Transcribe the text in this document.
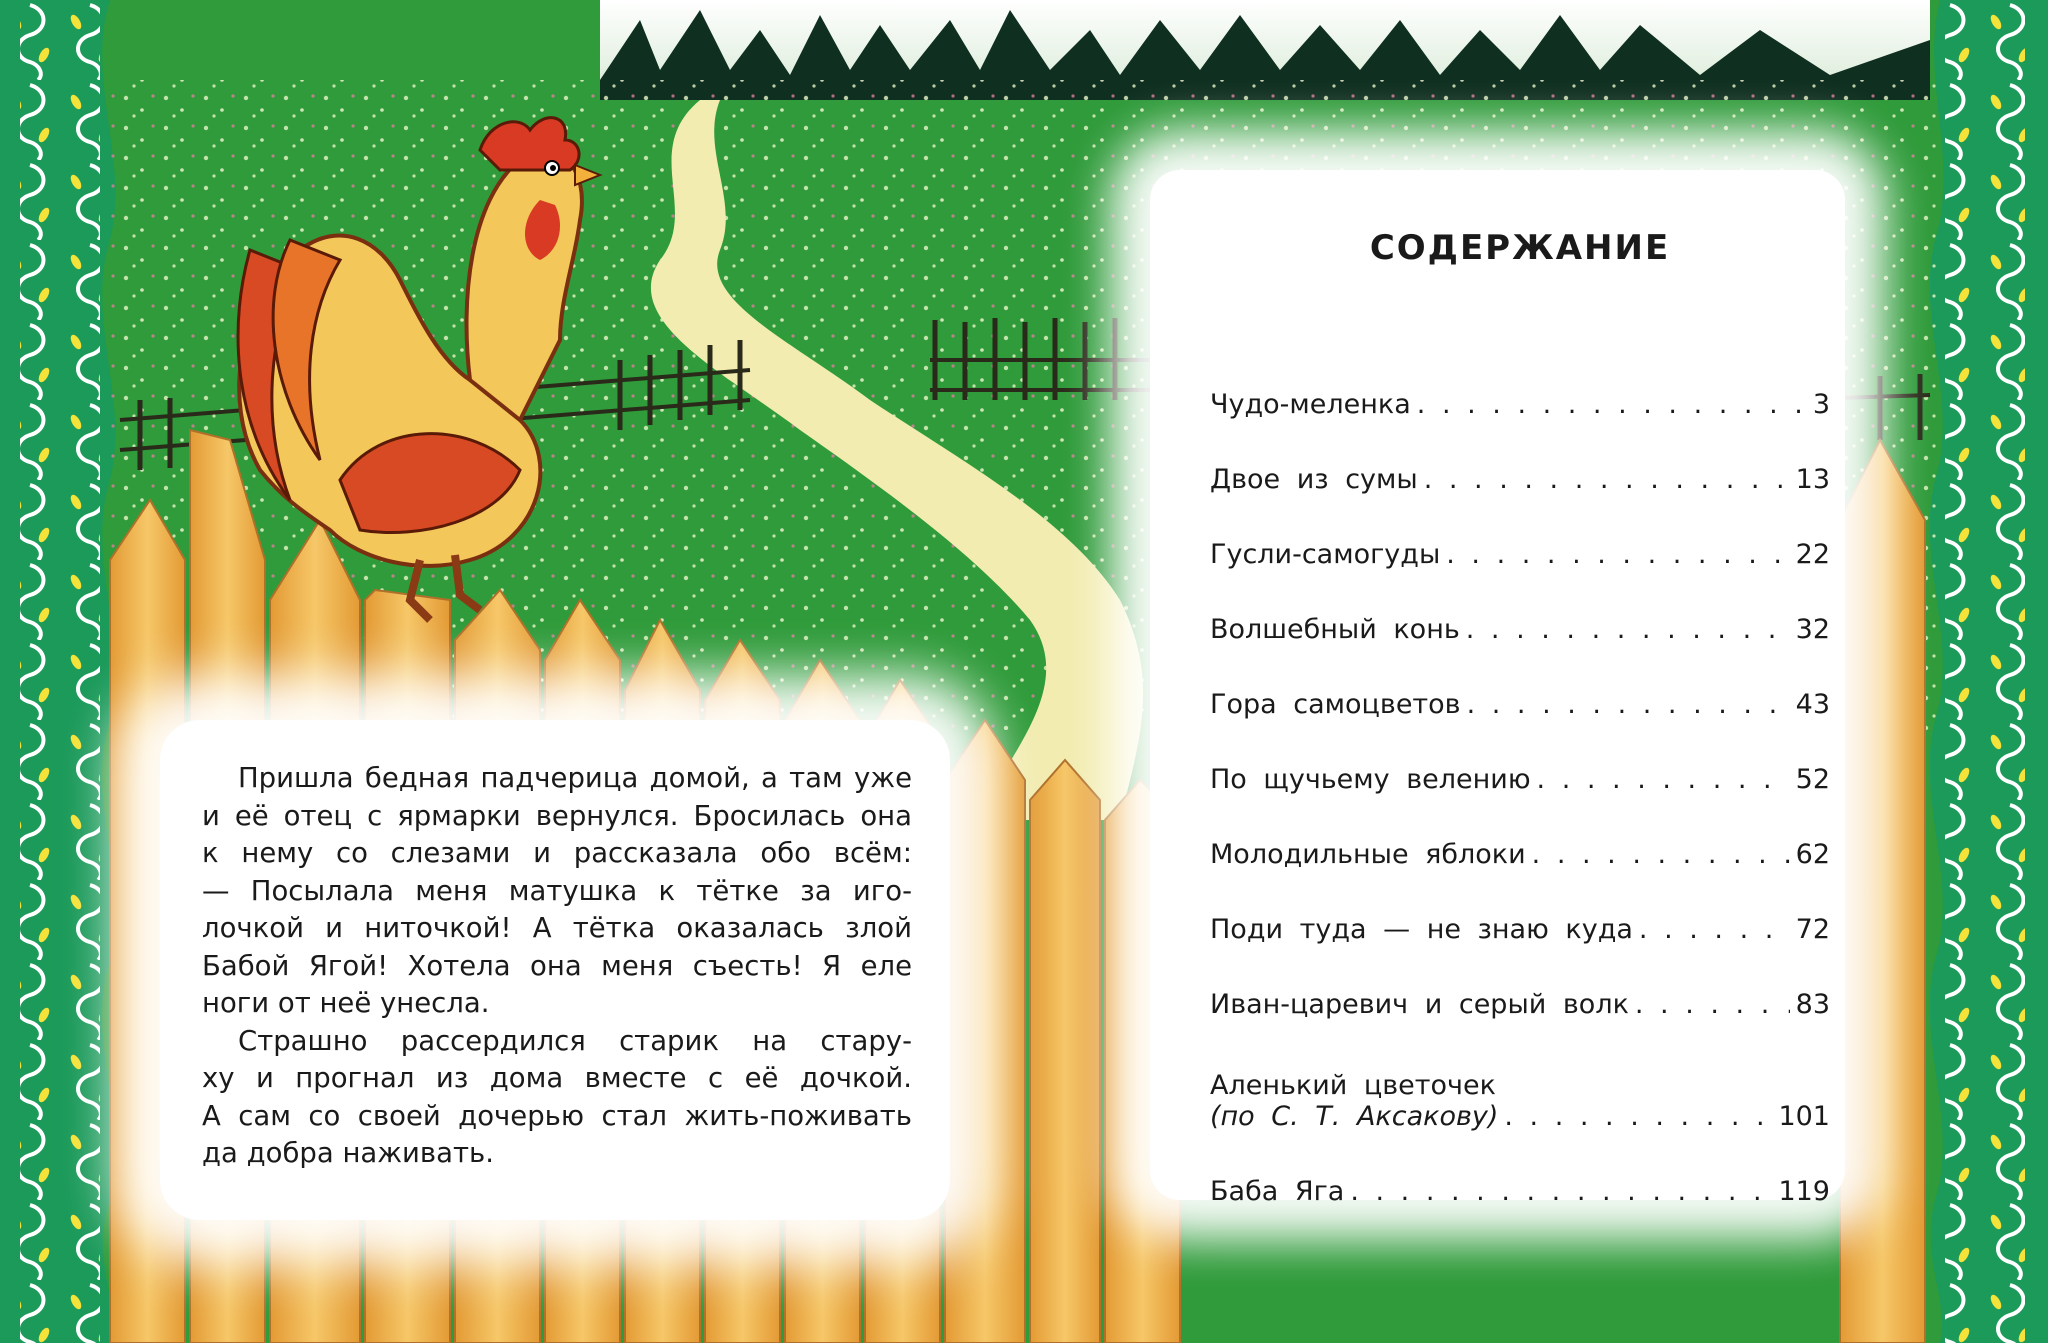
Пришла бедная падчерица домой, а там уже
и её отец с ярмарки вернулся. Бросилась она
к нему со слезами и рассказала обо всём:
— Посылала меня матушка к тётке за иго-
лочкой и ниточкой! А тётка оказалась злой
Бабой Ягой! Хотела она меня съесть! Я еле
ноги от неё унесла.

Страшно рассердился старик на стару-
ху и прогнал из дома вместе с её дочкой.
А сам со своей дочерью стал жить-поживать
да добра наживать.

СОДЕРЖАНИЕ
Чудо-меленка . . .	3
Двое из сумы . . .	13
Гусли-самогуды . . .	22
Волшебный конь . . .	32
Гора самоцветов . . .	43
По щучьему велению . . .	52
Молодильные яблоки . . .	62
Поди туда — не знаю куда . . .	72
Иван-царевич и серый волк . . .	83
Аленький цветочек
(по С. Т. Аксакову) . . .	101
Баба Яга . . .	119
